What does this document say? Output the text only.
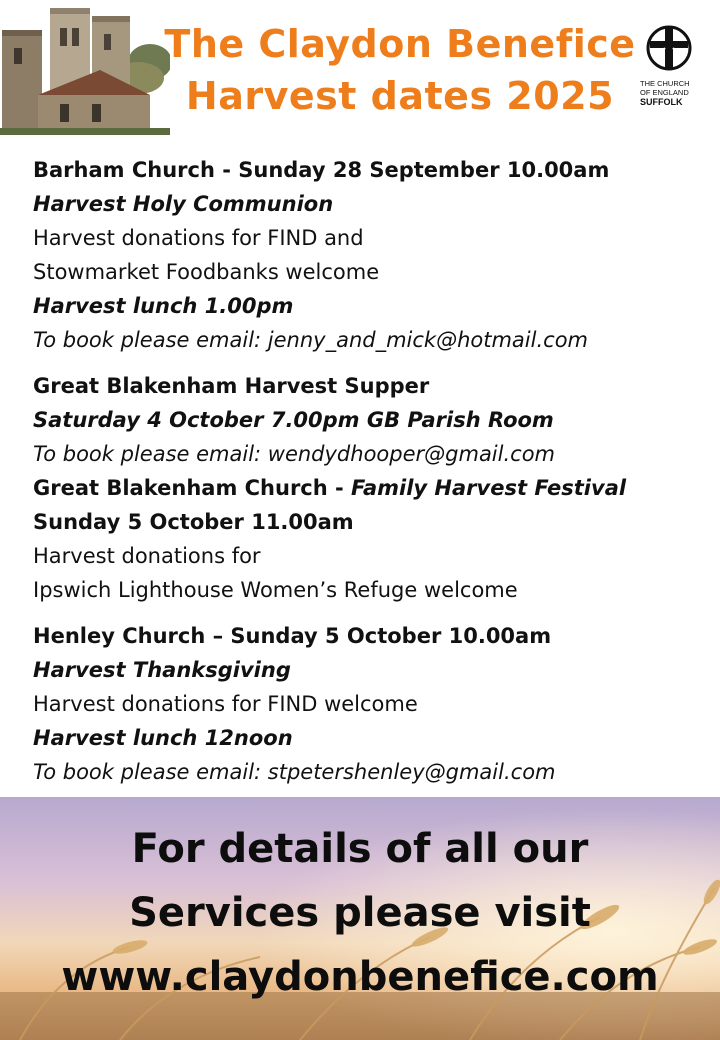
The Claydon Benefice
Harvest dates 2025	THE CHURCH
OF ENGLAND
SUFFOLK
Barham Church - Sunday 28 September 10.00am
Harvest Holy Communion
Harvest donations for FIND and
Stowmarket Foodbanks welcome
Harvest lunch 1.00pm
To book please email: jenny_and_mick@hotmail.com
Great Blakenham Harvest Supper
Saturday 4 October 7.00pm GB Parish Room
To book please email: wendydhooper@gmail.com
Great Blakenham Church - Family Harvest Festival
Sunday 5 October 11.00am
Harvest donations for
Ipswich Lighthouse Women’s Refuge welcome
Henley Church – Sunday 5 October 10.00am
Harvest Thanksgiving
Harvest donations for FIND welcome
Harvest lunch 12noon
To book please email: stpetershenley@gmail.com
For details of all our
Services please visit
www.claydonbenefice.com
